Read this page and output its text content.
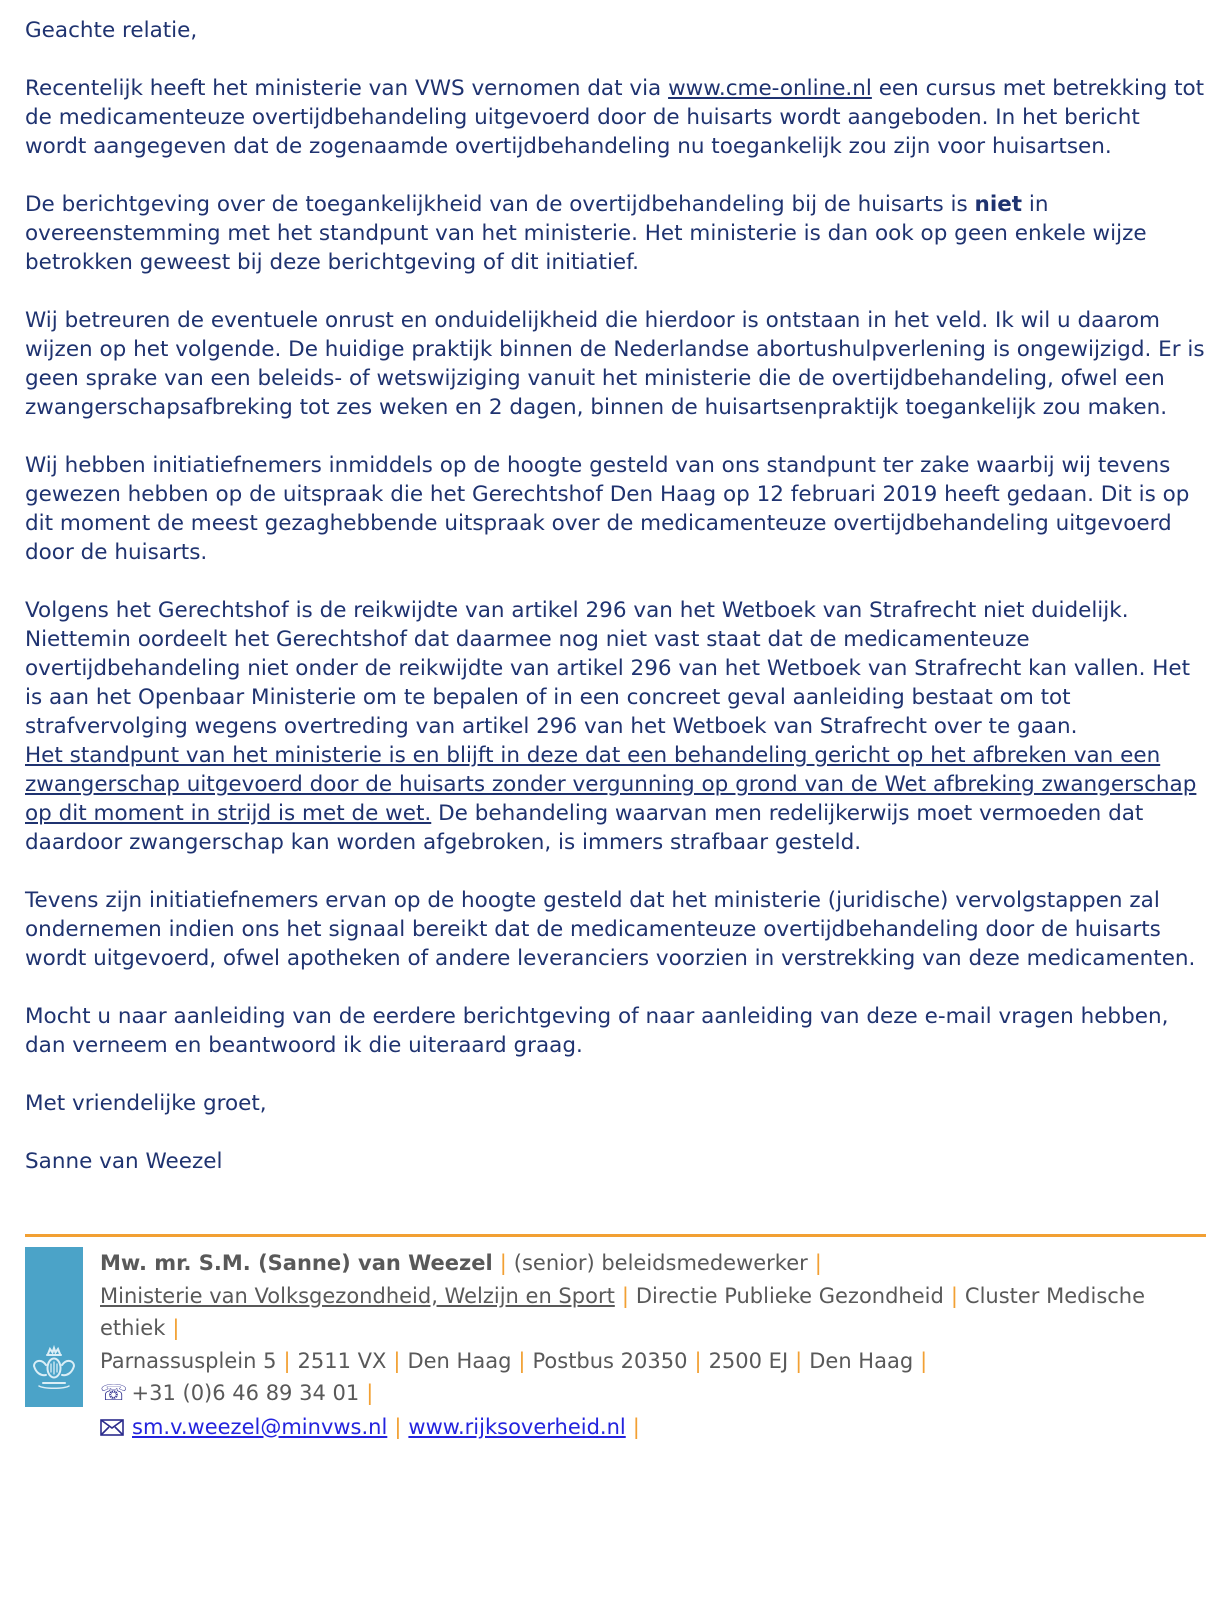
Geachte relatie,

Recentelijk heeft het ministerie van VWS vernomen dat via www.cme-online.nl een cursus met betrekking tot de medicamenteuze overtijdbehandeling uitgevoerd door de huisarts wordt aangeboden. In het bericht wordt aangegeven dat de zogenaamde overtijdbehandeling nu toegankelijk zou zijn voor huisartsen.

De berichtgeving over de toegankelijkheid van de overtijdbehandeling bij de huisarts is niet in overeenstemming met het standpunt van het ministerie. Het ministerie is dan ook op geen enkele wijze betrokken geweest bij deze berichtgeving of dit initiatief.

Wij betreuren de eventuele onrust en onduidelijkheid die hierdoor is ontstaan in het veld. Ik wil u daarom wijzen op het volgende. De huidige praktijk binnen de Nederlandse abortushulpverlening is ongewijzigd. Er is geen sprake van een beleids- of wetswijziging vanuit het ministerie die de overtijdbehandeling, ofwel een zwangerschapsafbreking tot zes weken en 2 dagen, binnen de huisartsenpraktijk toegankelijk zou maken.

Wij hebben initiatiefnemers inmiddels op de hoogte gesteld van ons standpunt ter zake waarbij wij tevens gewezen hebben op de uitspraak die het Gerechtshof Den Haag op 12 februari 2019 heeft gedaan. Dit is op dit moment de meest gezaghebbende uitspraak over de medicamenteuze overtijdbehandeling uitgevoerd door de huisarts.

Volgens het Gerechtshof is de reikwijdte van artikel 296 van het Wetboek van Strafrecht niet duidelijk. Niettemin oordeelt het Gerechtshof dat daarmee nog niet vast staat dat de medicamenteuze overtijdbehandeling niet onder de reikwijdte van artikel 296 van het Wetboek van Strafrecht kan vallen. Het is aan het Openbaar Ministerie om te bepalen of in een concreet geval aanleiding bestaat om tot strafvervolging wegens overtreding van artikel 296 van het Wetboek van Strafrecht over te gaan.

Het standpunt van het ministerie is en blijft in deze dat een behandeling gericht op het afbreken van een zwangerschap uitgevoerd door de huisarts zonder vergunning op grond van de Wet afbreking zwangerschap op dit moment in strijd is met de wet. De behandeling waarvan men redelijkerwijs moet vermoeden dat daardoor zwangerschap kan worden afgebroken, is immers strafbaar gesteld.

Tevens zijn initiatiefnemers ervan op de hoogte gesteld dat het ministerie (juridische) vervolgstappen zal ondernemen indien ons het signaal bereikt dat de medicamenteuze overtijdbehandeling door de huisarts wordt uitgevoerd, ofwel apotheken of andere leveranciers voorzien in verstrekking van deze medicamenten.

Mocht u naar aanleiding van de eerdere berichtgeving of naar aanleiding van deze e-mail vragen hebben, dan verneem en beantwoord ik die uiteraard graag.

Met vriendelijke groet,

Sanne van Weezel

Mw. mr. S.M. (Sanne) van Weezel | (senior) beleidsmedewerker |
Ministerie van Volksgezondheid, Welzijn en Sport | Directie Publieke Gezondheid | Cluster Medische ethiek |
Parnassusplein 5 | 2511 VX | Den Haag | Postbus 20350 | 2500 EJ | Den Haag |
☏ +31 (0)6 46 89 34 01 |
sm.v.weezel@minvws.nl | www.rijksoverheid.nl |
